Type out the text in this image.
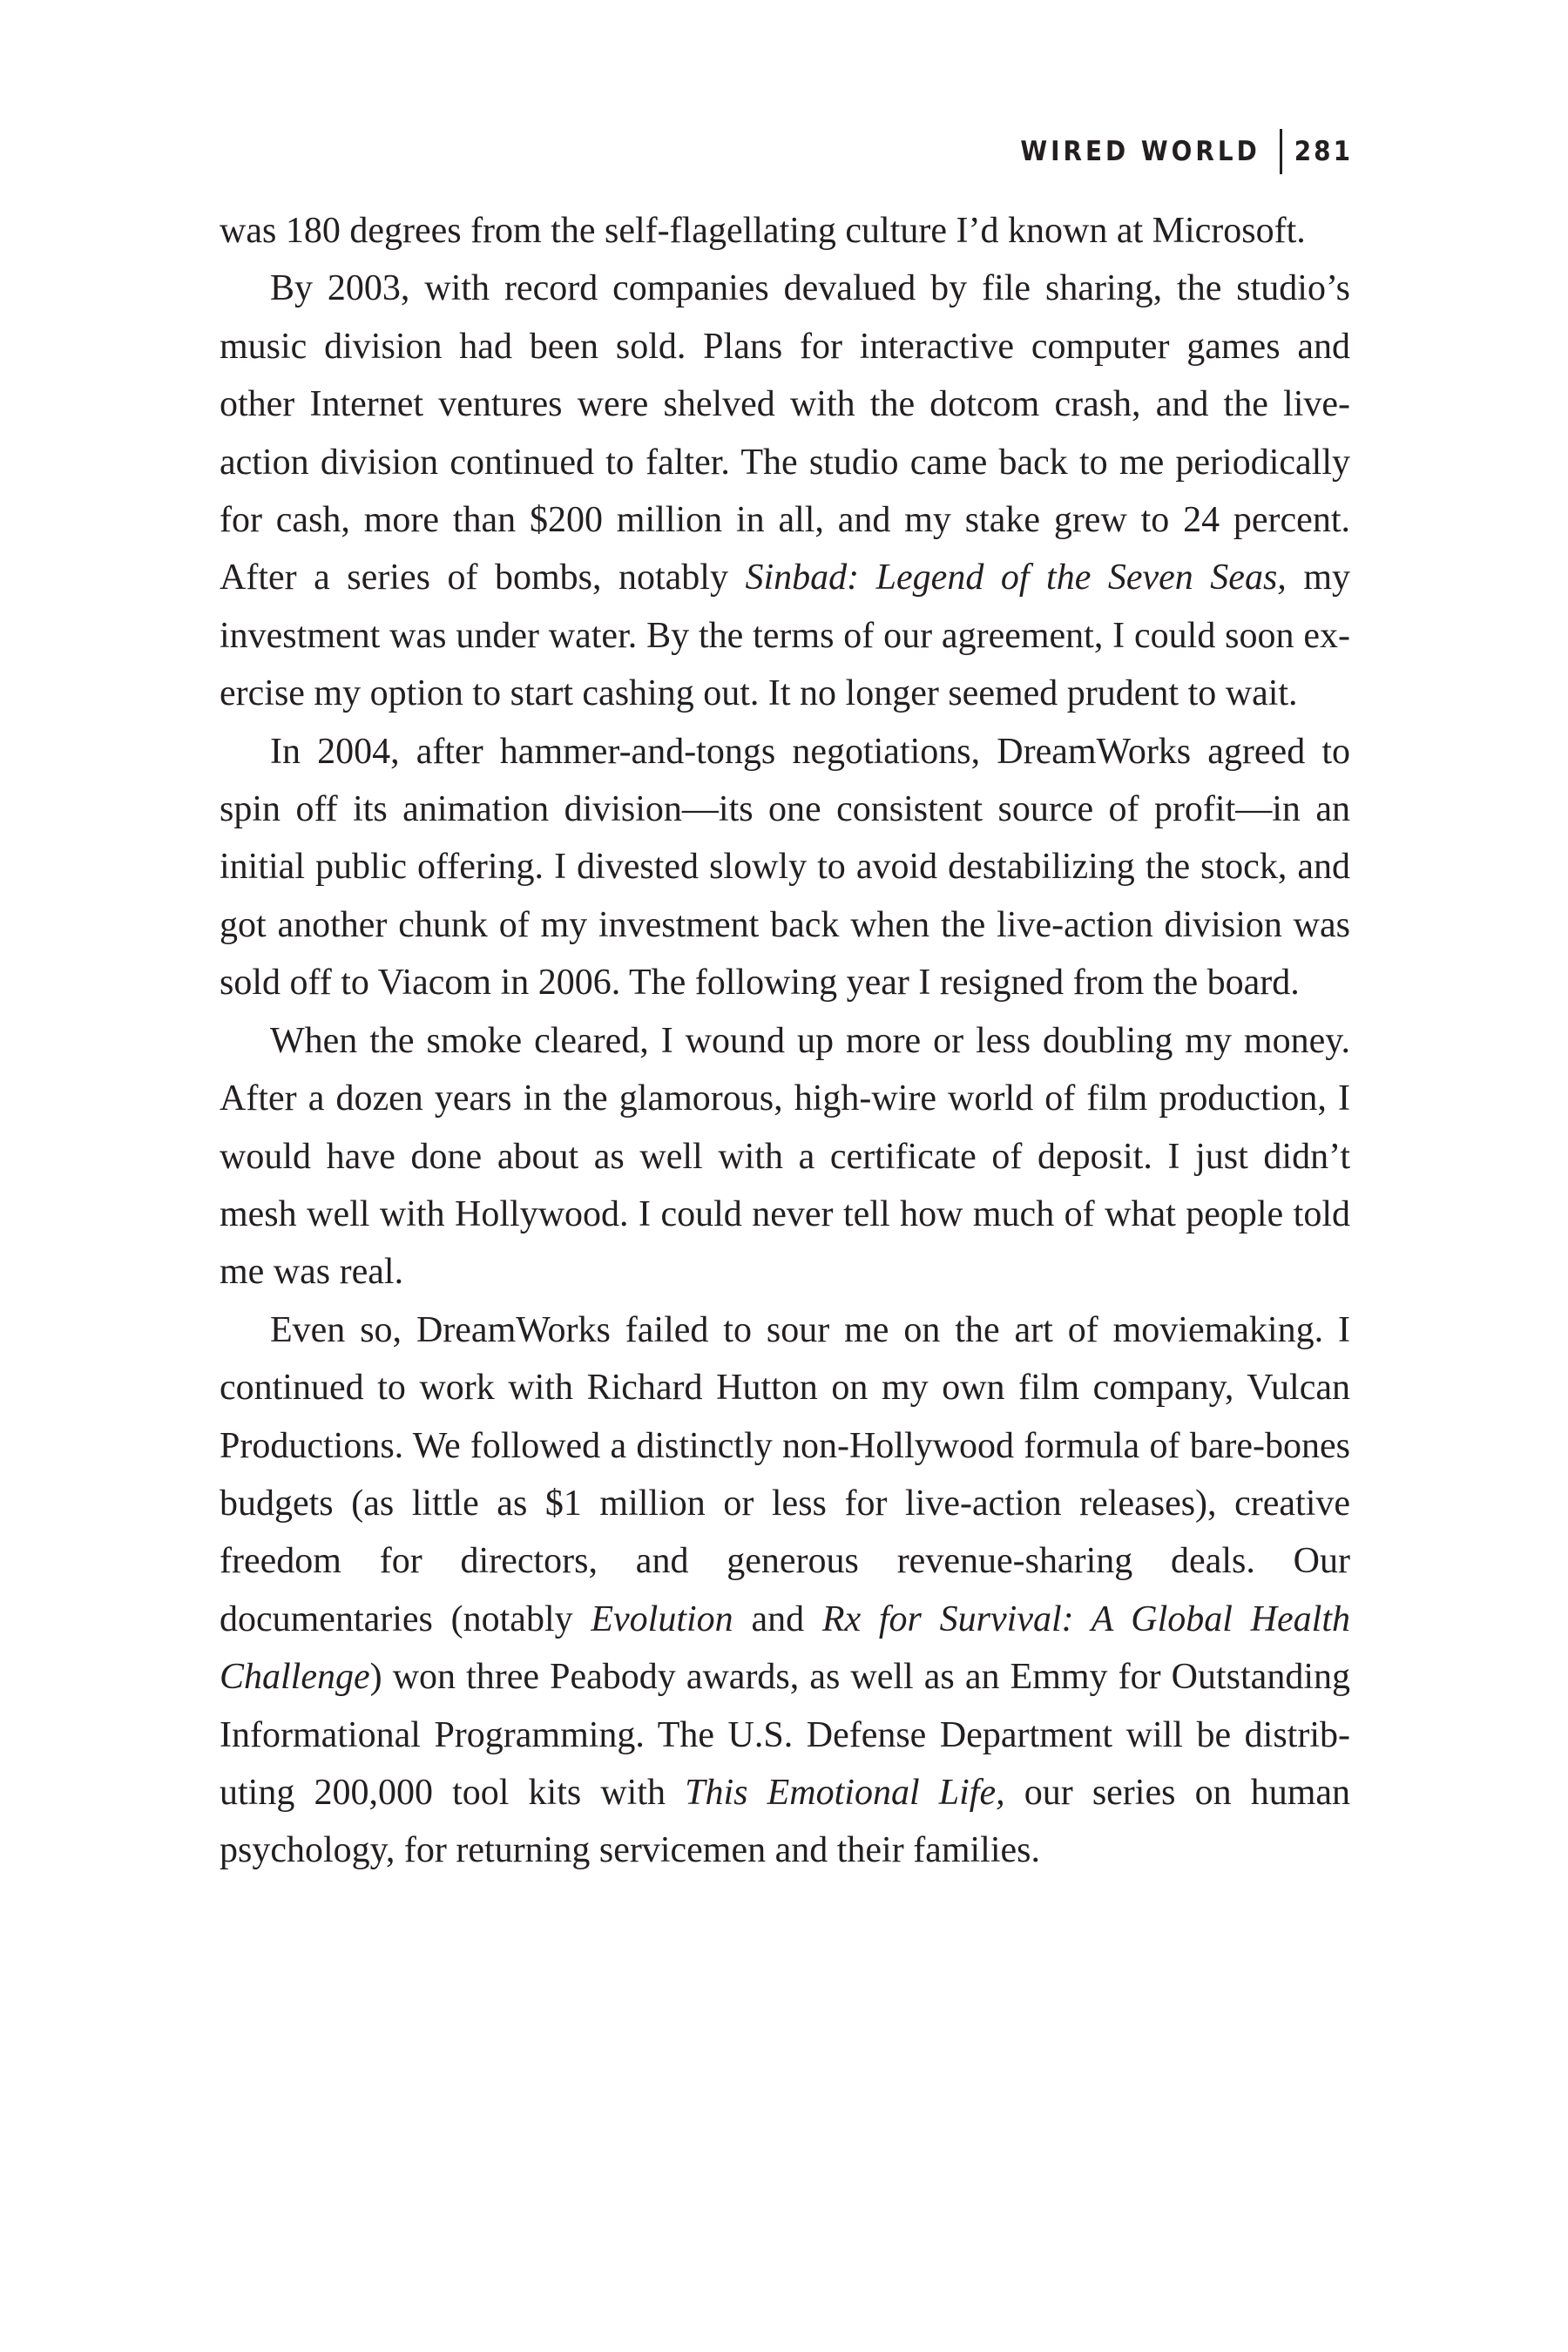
WIRED WORLD	281

was 180 degrees from the self-flagellating culture I’d known at Microsoft.

By 2003, with record companies devalued by file sharing, the studio’s music division had been sold. Plans for interactive computer games and other Internet ventures were shelved with the dotcom crash, and the live-action division continued to falter. The studio came back to me periodically for cash, more than $200 million in all, and my stake grew to 24 percent. After a series of bombs, notably Sinbad: Legend of the Seven Seas, my investment was under water. By the terms of our agreement, I could soon exercise my option to start cashing out. It no longer seemed prudent to wait.

In 2004, after hammer-and-tongs negotiations, DreamWorks agreed to spin off its animation division—its one consistent source of profit—in an initial public offering. I divested slowly to avoid destabilizing the stock, and got another chunk of my investment back when the live-action division was sold off to Viacom in 2006. The following year I resigned from the board.

When the smoke cleared, I wound up more or less doubling my money. After a dozen years in the glamorous, high-wire world of film production, I would have done about as well with a certificate of deposit. I just didn’t mesh well with Hollywood. I could never tell how much of what people told me was real.

Even so, DreamWorks failed to sour me on the art of moviemaking. I continued to work with Richard Hutton on my own film company, Vulcan Productions. We followed a distinctly non-Hollywood formula of bare-bones budgets (as little as $1 million or less for live-action releases), creative freedom for directors, and generous revenue-sharing deals. Our documentaries (notably Evolution and Rx for Survival: A Global Health Challenge) won three Peabody awards, as well as an Emmy for Outstanding Informational Programming. The U.S. Defense Department will be distributing 200,000 tool kits with This Emotional Life, our series on human psychology, for returning servicemen and their families.
